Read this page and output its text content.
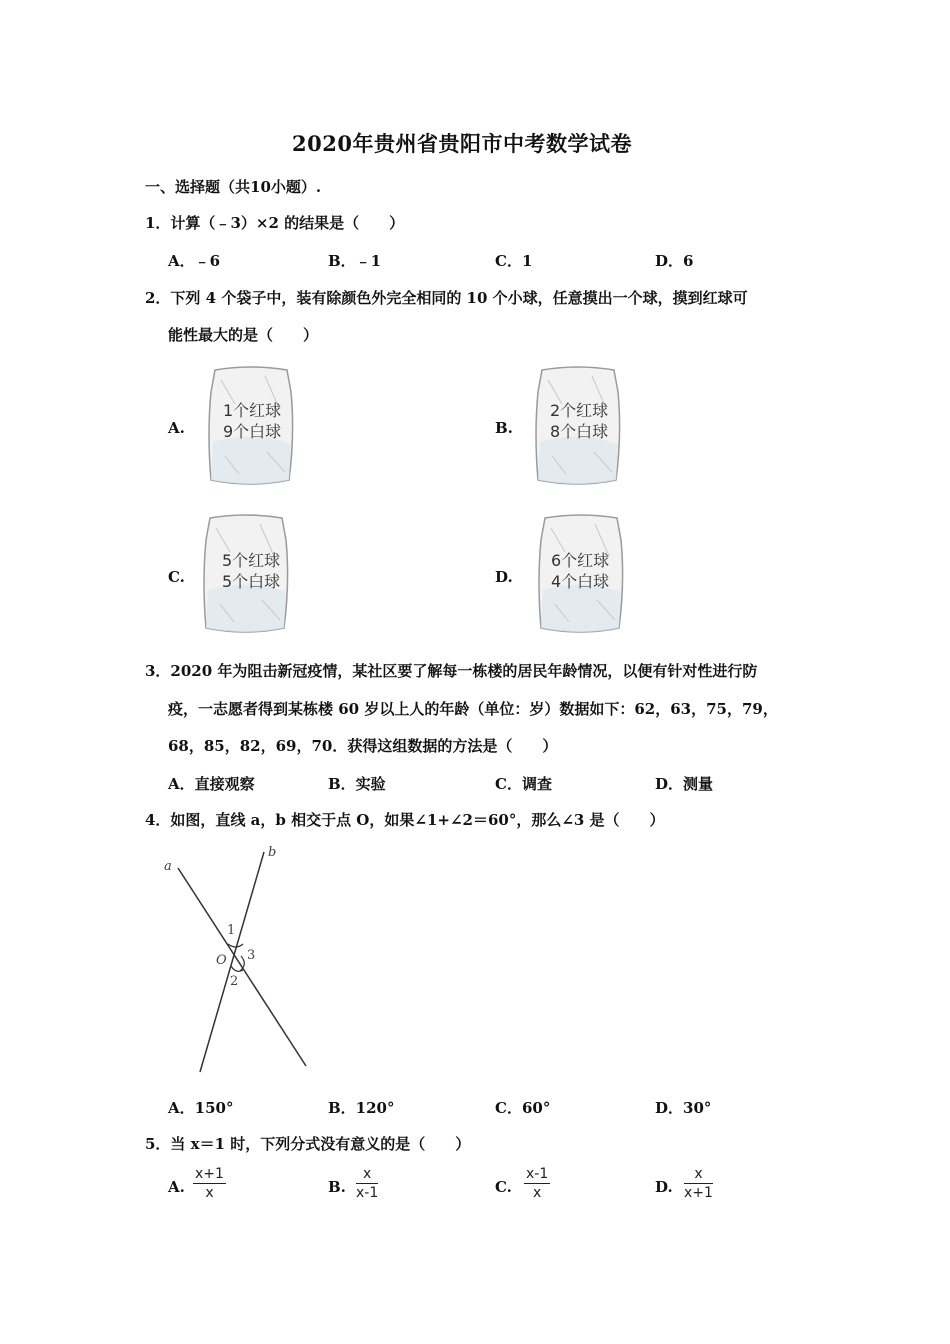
2020年贵州省贵阳市中考数学试卷
一、选择题（共10小题）.
1．计算（﹣3）×2 的结果是（　　）
A．﹣6	B．﹣1	C．1	D．6
2．下列 4 个袋子中，装有除颜色外完全相同的 10 个小球，任意摸出一个球，摸到红球可
能性最大的是（　　）
A.
1个红球
9个白球	B.
2个红球
8个白球
C.
5个红球
5个白球	D.
6个红球
4个白球
3．2020 年为阻击新冠疫情，某社区要了解每一栋楼的居民年龄情况，以便有针对性进行防
疫，一志愿者得到某栋楼 60 岁以上人的年龄（单位：岁）数据如下：62，63，75，79，
68，85，82，69，70．获得这组数据的方法是（　　）
A．直接观察	B．实验	C．调查	D．测量
4．如图，直线 a，b 相交于点 O，如果∠1+∠2＝60°，那么∠3 是（　　）
a
b
O
1
3
2
A．150°	B．120°	C．60°	D．30°
5．当 x＝1 时，下列分式没有意义的是（　　）
A. $\frac{x+1}{x}$	B. $\frac{x}{x-1}$	C. $\frac{x-1}{x}$	D. $\frac{x}{x+1}$
